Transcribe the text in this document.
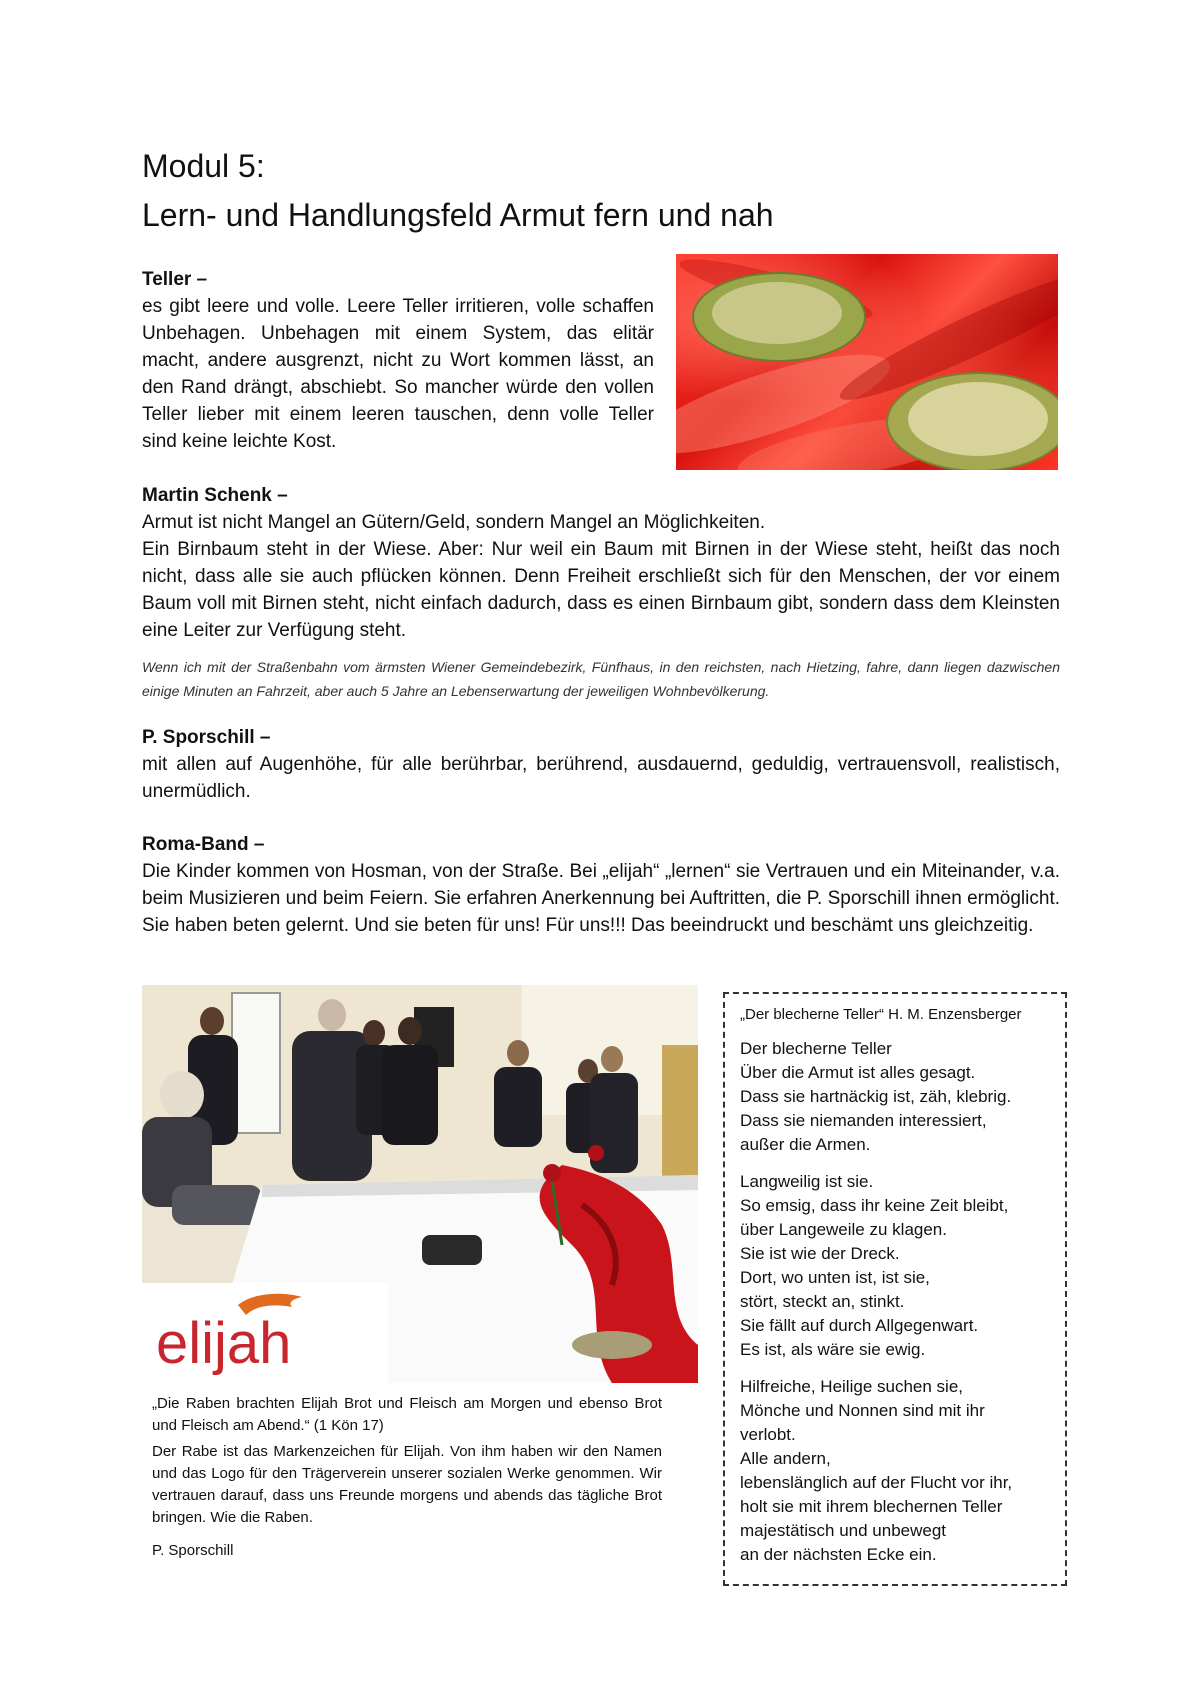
Modul 5:
Lern- und Handlungsfeld Armut fern und nah
Teller –
es gibt leere und volle. Leere Teller irritieren, volle schaffen Unbehagen. Unbehagen mit einem System, das elitär macht, andere ausgrenzt, nicht zu Wort kommen lässt, an den Rand drängt, abschiebt. So mancher würde den vollen Teller lieber mit einem leeren tauschen, denn volle Teller sind keine leichte Kost.
Martin Schenk –
Armut ist nicht Mangel an Gütern/Geld, sondern Mangel an Möglichkeiten.
Ein Birnbaum steht in der Wiese. Aber: Nur weil ein Baum mit Birnen in der Wiese steht, heißt das noch nicht, dass alle sie auch pflücken können. Denn Freiheit erschließt sich für den Menschen, der vor einem Baum voll mit Birnen steht, nicht einfach dadurch, dass es einen Birnbaum gibt, sondern dass dem Kleinsten eine Leiter zur Verfügung steht.
Wenn ich mit der Straßenbahn vom ärmsten Wiener Gemeindebezirk, Fünfhaus, in den reichsten, nach Hietzing, fahre, dann liegen dazwischen einige Minuten an Fahrzeit, aber auch 5 Jahre an Lebenserwartung der jeweiligen Wohnbevölkerung.
P. Sporschill –
mit allen auf Augenhöhe, für alle berührbar, berührend, ausdauernd, geduldig, vertrauensvoll, realistisch, unermüdlich.
Roma-Band –
Die Kinder kommen von Hosman, von der Straße. Bei „elijah“ „lernen“ sie Vertrauen und ein Miteinander, v.a. beim Musizieren und beim Feiern. Sie erfahren Anerkennung bei Auftritten, die P. Sporschill ihnen ermöglicht. Sie haben beten gelernt. Und sie beten für uns! Für uns!!! Das beeindruckt und beschämt uns gleichzeitig.
elijah
„Die Raben brachten Elijah Brot und Fleisch am Morgen und ebenso Brot und Fleisch am Abend.“ (1 Kön 17)
Der Rabe ist das Markenzeichen für Elijah. Von ihm haben wir den Namen und das Logo für den Trägerverein unserer sozialen Werke genommen. Wir vertrauen darauf, dass uns Freunde morgens und abends das tägliche Brot bringen. Wie die Raben.
P. Sporschill
„Der blecherne Teller“ H. M. Enzensberger
Der blecherne Teller
Über die Armut ist alles gesagt.
Dass sie hartnäckig ist, zäh, klebrig.
Dass sie niemanden interessiert,
außer die Armen.
Langweilig ist sie.
So emsig, dass ihr keine Zeit bleibt,
über Langeweile zu klagen.
Sie ist wie der Dreck.
Dort, wo unten ist, ist sie,
stört, steckt an, stinkt.
Sie fällt auf durch Allgegenwart.
Es ist, als wäre sie ewig.
Hilfreiche, Heilige suchen sie,
Mönche und Nonnen sind mit ihr
verlobt.
Alle andern,
lebenslänglich auf der Flucht vor ihr,
holt sie mit ihrem blechernen Teller
majestätisch und unbewegt
an der nächsten Ecke ein.
